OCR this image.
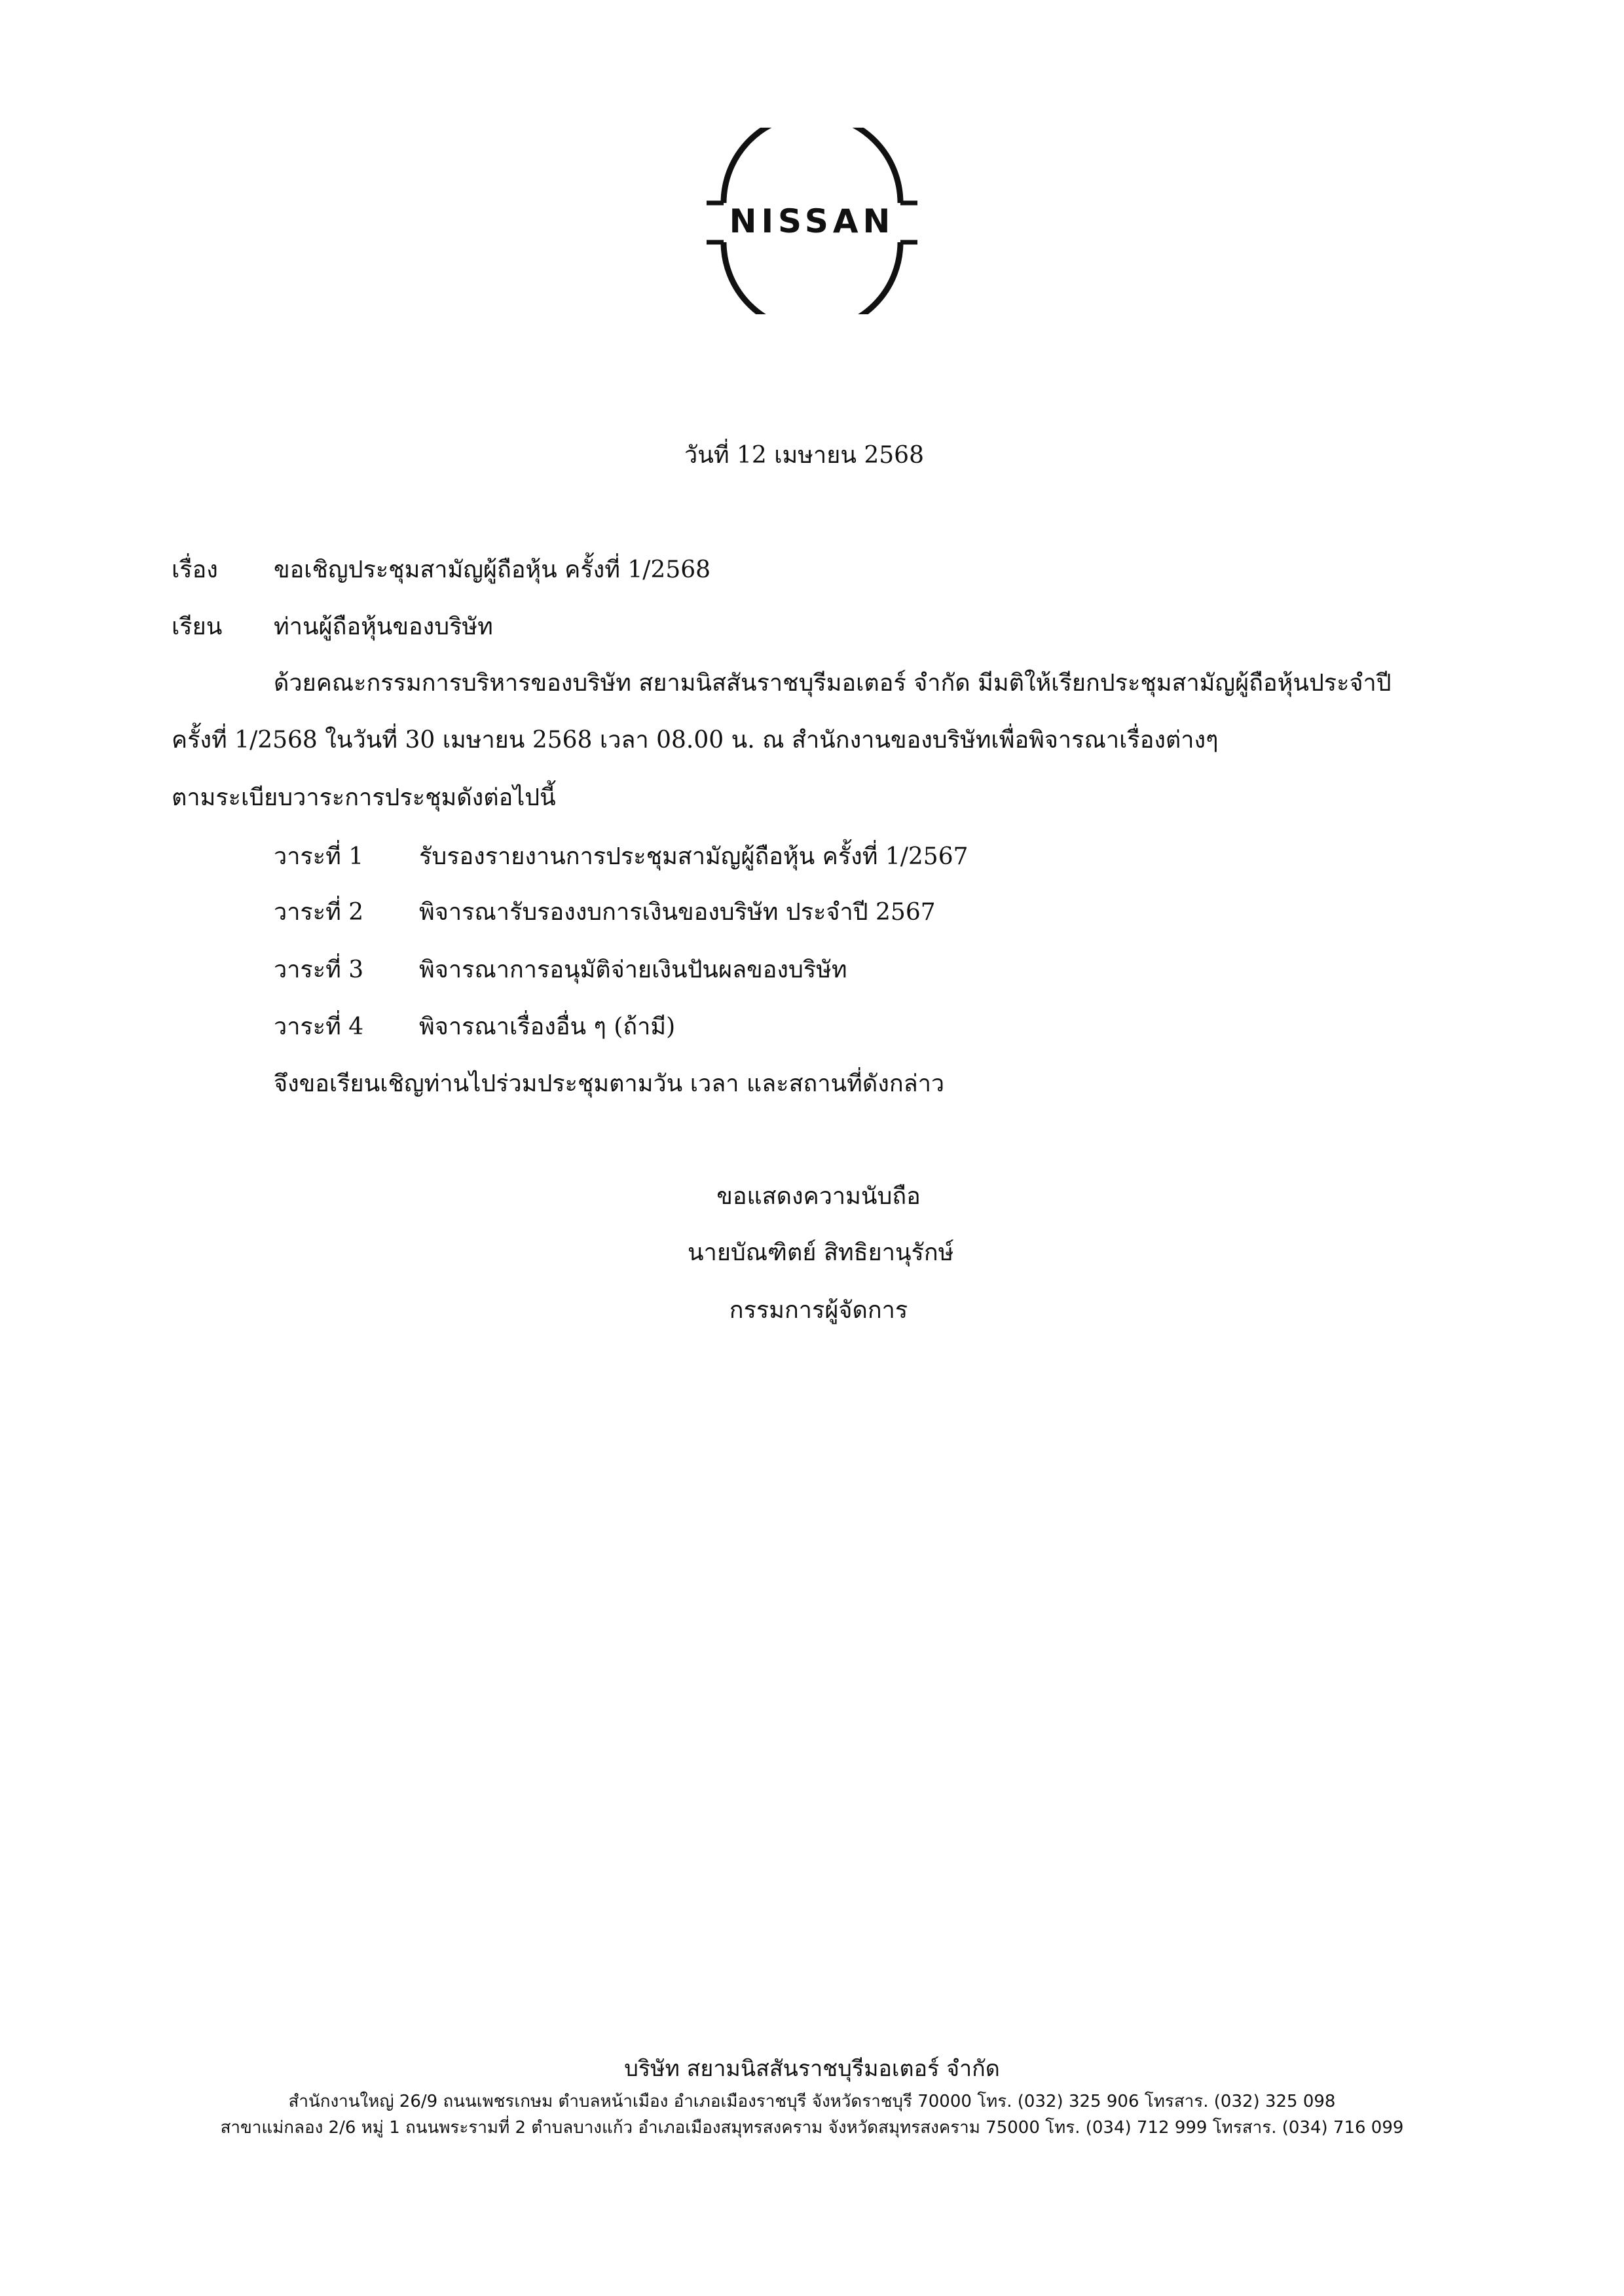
NISSAN
วันที่ 12 เมษายน 2568
เรื่อง ขอเชิญประชุมสามัญผู้ถือหุ้น ครั้งที่ 1/2568
เรียน ท่านผู้ถือหุ้นของบริษัท
ด้วยคณะกรรมการบริหารของบริษัท สยามนิสสันราชบุรีมอเตอร์ จำกัด มีมติให้เรียกประชุมสามัญผู้ถือหุ้นประจำปี
ครั้งที่ 1/2568 ในวันที่ 30 เมษายน 2568 เวลา 08.00 น. ณ สำนักงานของบริษัทเพื่อพิจารณาเรื่องต่างๆ
ตามระเบียบวาระการประชุมดังต่อไปนี้
วาระที่ 1 รับรองรายงานการประชุมสามัญผู้ถือหุ้น ครั้งที่ 1/2567
วาระที่ 2 พิจารณารับรองงบการเงินของบริษัท ประจำปี 2567
วาระที่ 3 พิจารณาการอนุมัติจ่ายเงินปันผลของบริษัท
วาระที่ 4 พิจารณาเรื่องอื่น ๆ (ถ้ามี)
จึงขอเรียนเชิญท่านไปร่วมประชุมตามวัน เวลา และสถานที่ดังกล่าว
ขอแสดงความนับถือ
นายบัณฑิตย์ สิทธิยานุรักษ์
กรรมการผู้จัดการ
บริษัท สยามนิสสันราชบุรีมอเตอร์ จำกัด
สำนักงานใหญ่ 26/9 ถนนเพชรเกษม ตำบลหน้าเมือง อำเภอเมืองราชบุรี จังหวัดราชบุรี 70000 โทร. (032) 325 906 โทรสาร. (032) 325 098
สาขาแม่กลอง 2/6 หมู่ 1 ถนนพระรามที่ 2 ตำบลบางแก้ว อำเภอเมืองสมุทรสงคราม จังหวัดสมุทรสงคราม 75000 โทร. (034) 712 999 โทรสาร. (034) 716 099
